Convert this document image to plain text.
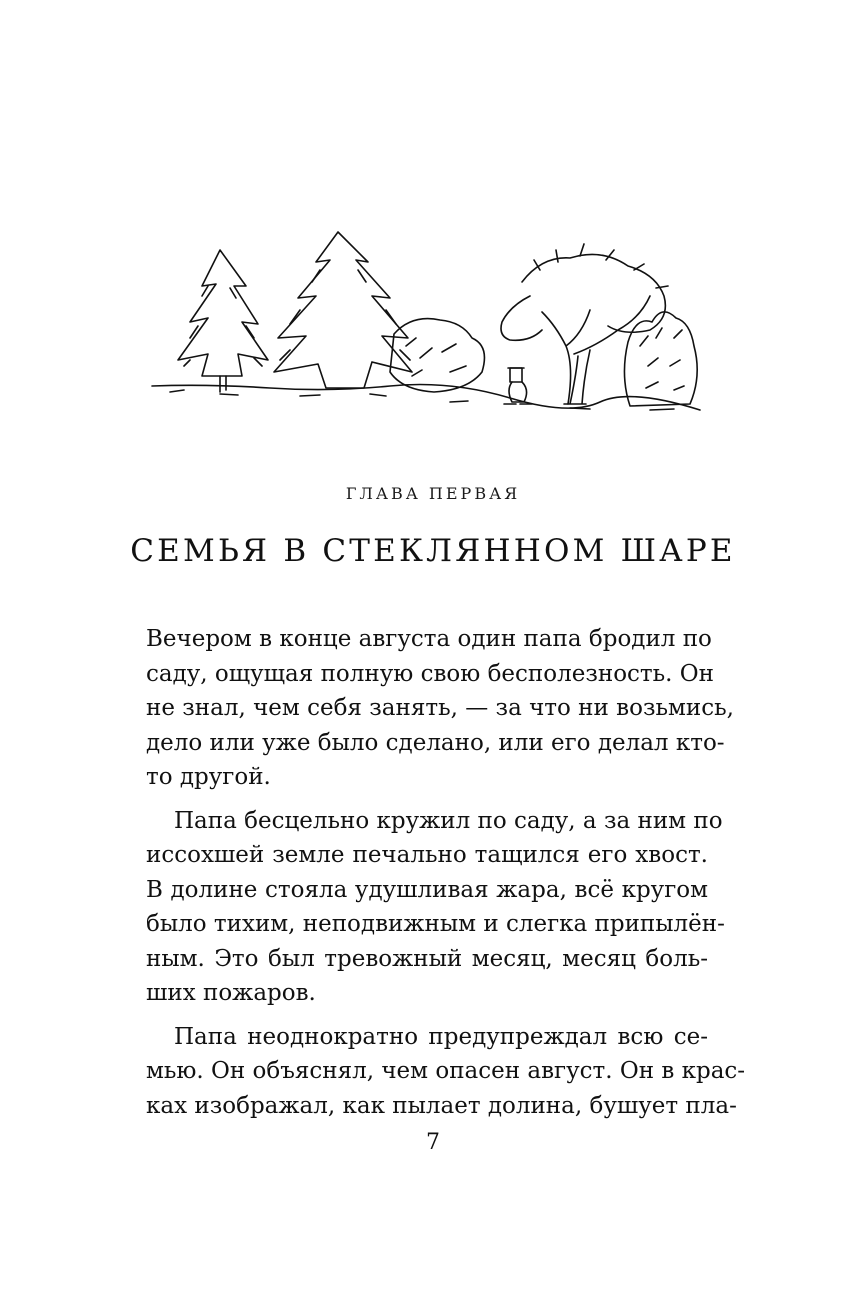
ГЛАВА ПЕРВАЯ
СЕМЬЯ В СТЕКЛЯННОМ ШАРЕ
Вечером в конце августа один папа бродил по
саду, ощущая полную свою бесполезность. Он
не знал, чем себя занять, — за что ни возьмись,
дело или уже было сделано, или его делал кто-
то другой.
Папа бесцельно кружил по саду, а за ним по
иссохшей земле печально тащился его хвост.
В долине стояла удушливая жара, всё кругом
было тихим, неподвижным и слегка припылён-
ным. Это был тревожный месяц, месяц боль-
ших пожаров.
Папа неоднократно предупреждал всю се-
мью. Он объяснял, чем опасен август. Он в крас-
ках изображал, как пылает долина, бушует пла-
7
